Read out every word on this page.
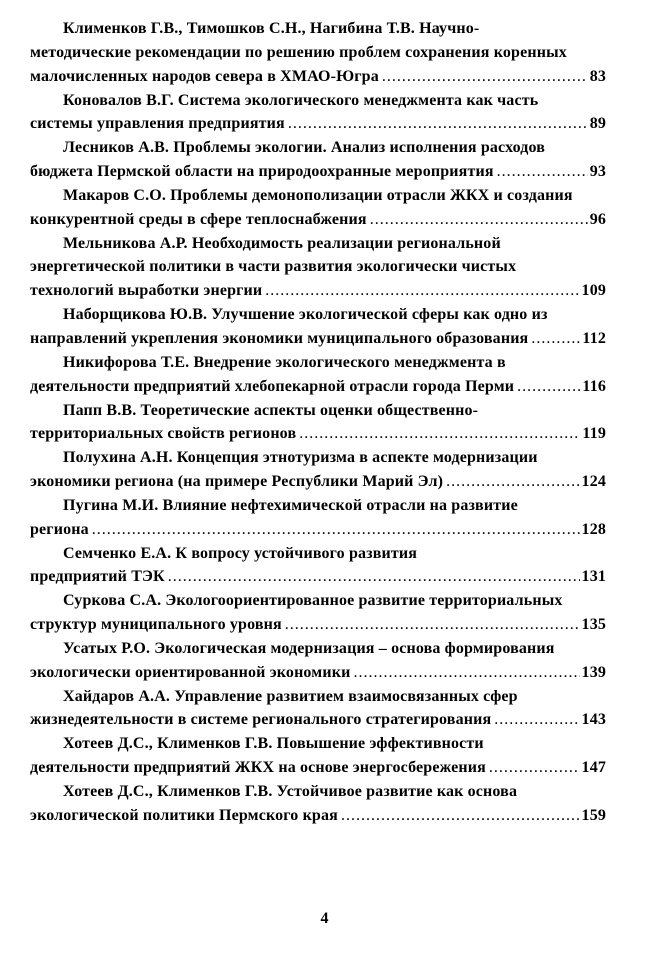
Клименков Г.В., Тимошков С.Н., Нагибина Т.В. Научно-
методические рекомендации по решению проблем сохранения коренных
малочисленных народов севера в ХМАО-Югра .....	83
Коновалов В.Г. Система экологического менеджмента как часть
системы управления предприятия .....	89
Лесников А.В. Проблемы экологии. Анализ исполнения расходов
бюджета Пермской области на природоохранные мероприятия .....	93
Макаров С.О. Проблемы демонополизации отрасли ЖКХ и создания
конкурентной среды в сфере теплоснабжения .....	96
Мельникова А.Р. Необходимость реализации региональной
энергетической политики в части развития экологически чистых
технологий выработки энергии .....	109
Наборщикова Ю.В. Улучшение экологической сферы как одно из
направлений укрепления экономики муниципального образования .....	112
Никифорова Т.Е. Внедрение экологического менеджмента в
деятельности предприятий хлебопекарной отрасли города Перми .....	116
Папп В.В. Теоретические аспекты оценки общественно-
территориальных свойств регионов .....	119
Полухина А.Н. Концепция этнотуризма в аспекте модернизации
экономики региона (на примере Республики Марий Эл) .....	124
Пугина М.И. Влияние нефтехимической отрасли на развитие
региона .....	128
Семченко Е.А. К вопросу устойчивого развития
предприятий ТЭК .....	131
Суркова С.А. Экологоориентированное развитие территориальных
структур муниципального уровня .....	135
Усатых Р.О. Экологическая модернизация – основа формирования
экологически ориентированной экономики .....	139
Хайдаров А.А. Управление развитием взаимосвязанных сфер
жизнедеятельности в системе регионального стратегирования .....	143
Хотеев Д.С., Клименков Г.В. Повышение эффективности
деятельности предприятий ЖКХ на основе энергосбережения .....	147
Хотеев Д.С., Клименков Г.В. Устойчивое развитие как основа
экологической политики Пермского края .....	159
4
